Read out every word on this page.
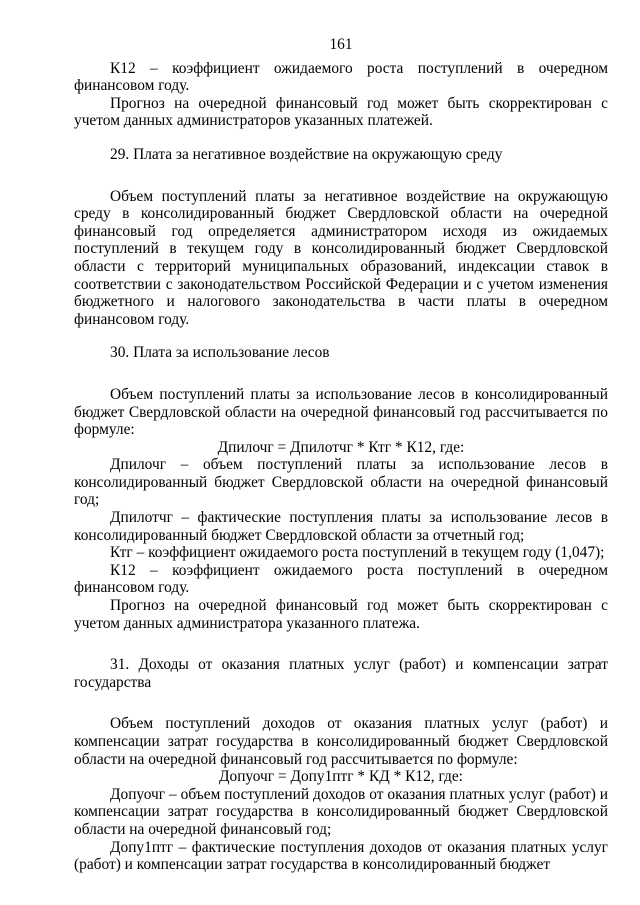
161

К12 – коэффициент ожидаемого роста поступлений в очередном финансовом году.

Прогноз на очередной финансовый год может быть скорректирован с учетом данных администраторов указанных платежей.

29. Плата за негативное воздействие на окружающую среду

Объем поступлений платы за негативное воздействие на окружающую среду в консолидированный бюджет Свердловской области на очередной финансовый год определяется администратором исходя из ожидаемых поступлений в текущем году в консолидированный бюджет Свердловской области с территорий муниципальных образований, индексации ставок в соответствии с законодательством Российской Федерации и с учетом изменения бюджетного и налогового законодательства в части платы в очередном финансовом году.

30. Плата за использование лесов

Объем поступлений платы за использование лесов в консолидированный бюджет Свердловской области на очередной финансовый год рассчитывается по формуле:

Дпилочг = Дпилотчг * Ктг * К12, где:

Дпилочг – объем поступлений платы за использование лесов в консолидированный бюджет Свердловской области на очередной финансовый год;

Дпилотчг – фактические поступления платы за использование лесов в консолидированный бюджет Свердловской области за отчетный год;

Ктг – коэффициент ожидаемого роста поступлений в текущем году (1,047);

К12 – коэффициент ожидаемого роста поступлений в очередном финансовом году.

Прогноз на очередной финансовый год может быть скорректирован с учетом данных администратора указанного платежа.

31. Доходы от оказания платных услуг (работ) и компенсации затрат государства

Объем поступлений доходов от оказания платных услуг (работ) и компенсации затрат государства в консолидированный бюджет Свердловской области на очередной финансовый год рассчитывается по формуле:

Допуочг = Допу1птг * КД * К12, где:

Допуочг – объем поступлений доходов от оказания платных услуг (работ) и компенсации затрат государства в консолидированный бюджет Свердловской области на очередной финансовый год;

Допу1птг – фактические поступления доходов от оказания платных услуг (работ) и компенсации затрат государства в консолидированный бюджет
